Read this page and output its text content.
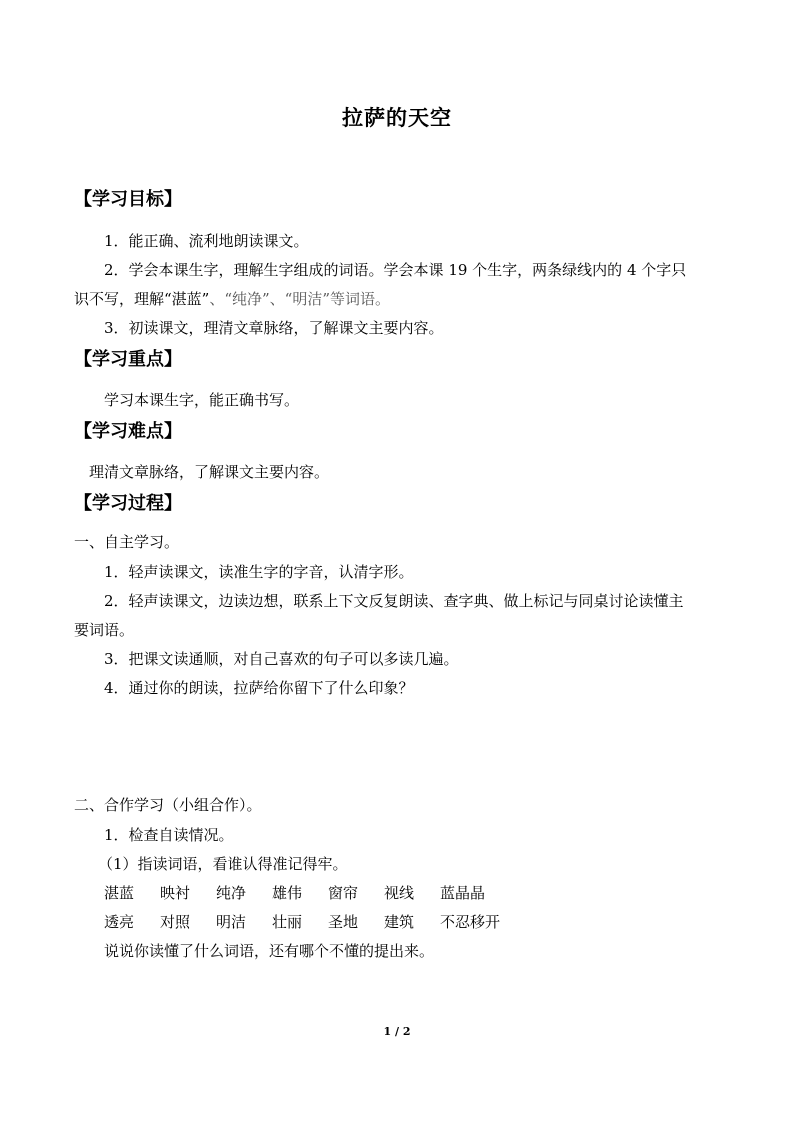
拉萨的天空
【学习目标】
1．能正确、流利地朗读课文。
2．学会本课生字，理解生字组成的词语。学会本课 19 个生字，两条绿线内的 4 个字只
识不写，理解“湛蓝”、“纯净”、“明洁”等词语。
3．初读课文，理清文章脉络，了解课文主要内容。
【学习重点】
学习本课生字，能正确书写。
【学习难点】
理清文章脉络，了解课文主要内容。
【学习过程】
一、自主学习。
1．轻声读课文，读准生字的字音，认清字形。
2．轻声读课文，边读边想，联系上下文反复朗读、查字典、做上标记与同桌讨论读懂主
要词语。
3．把课文读通顺，对自己喜欢的句子可以多读几遍。
4．通过你的朗读，拉萨给你留下了什么印象？
二、合作学习（小组合作）。
1．检查自读情况。
（1）指读词语，看谁认得准记得牢。
湛蓝	映衬	纯净	雄伟	窗帘	视线	蓝晶晶
透亮	对照	明洁	壮丽	圣地	建筑	不忍移开
说说你读懂了什么词语，还有哪个不懂的提出来。
1 / 2
